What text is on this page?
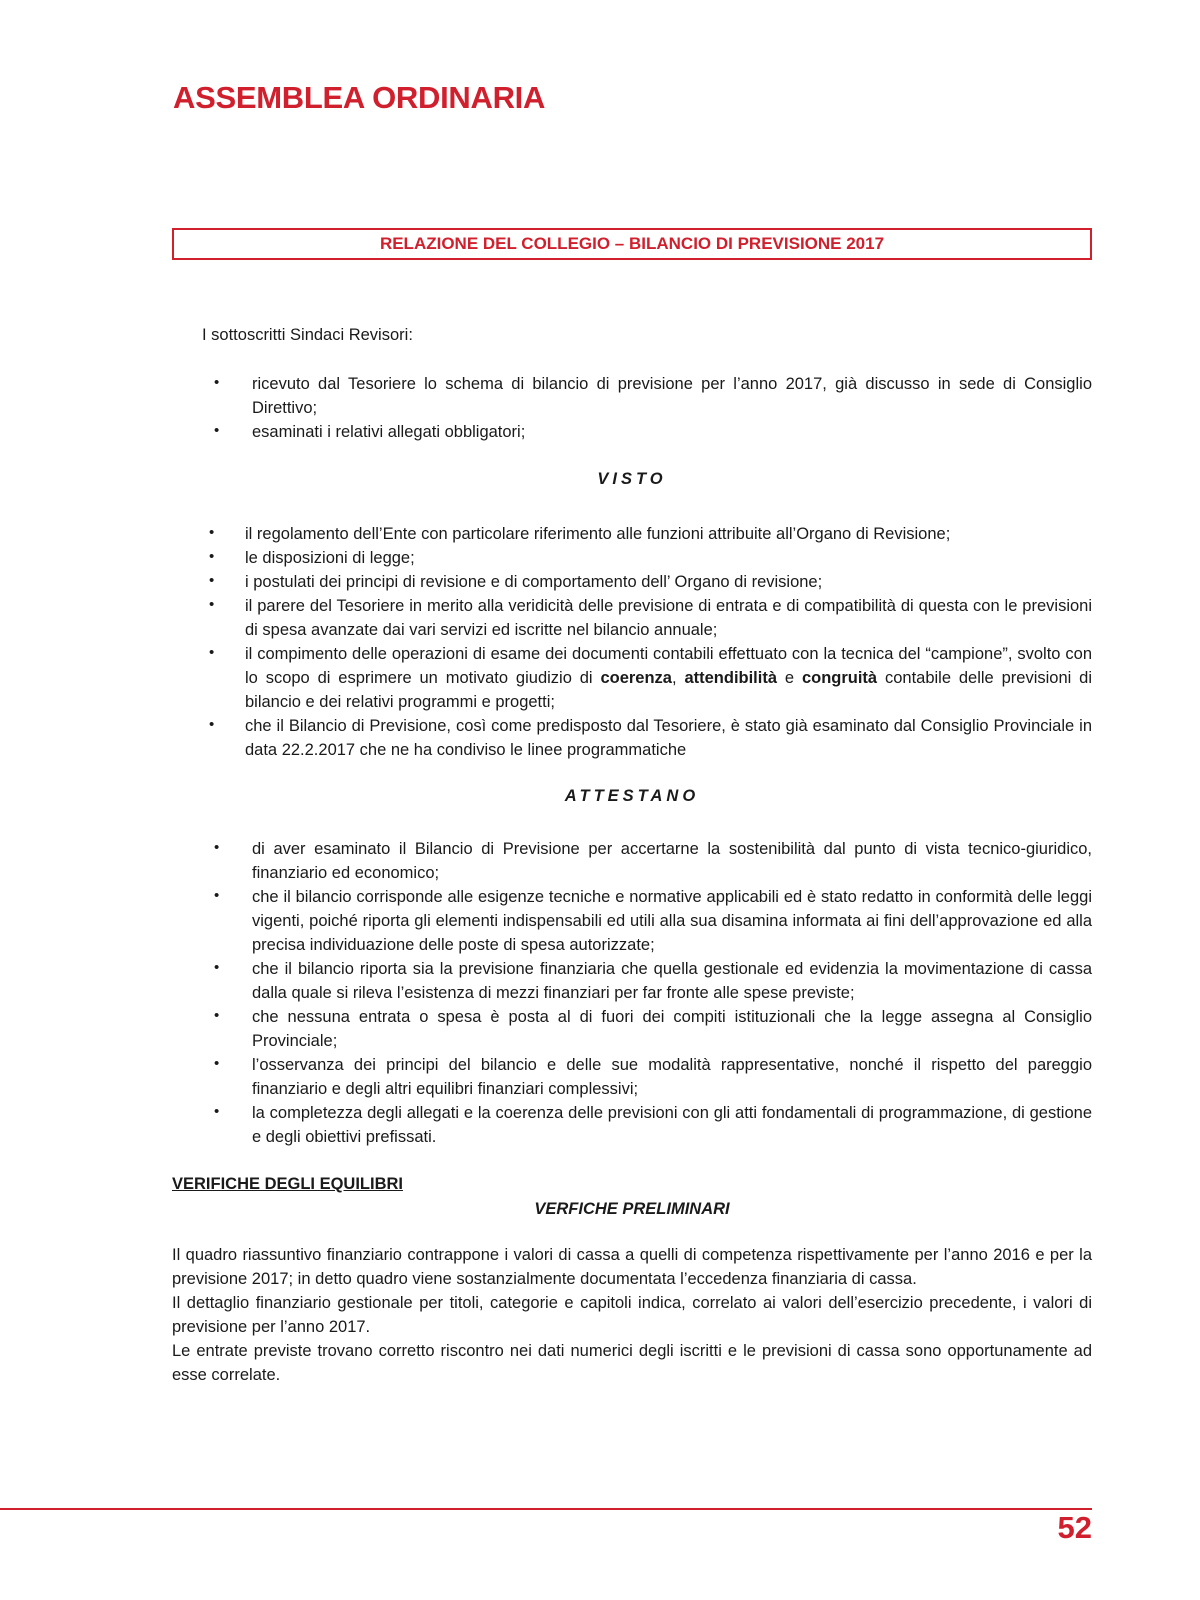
ASSEMBLEA ORDINARIA
RELAZIONE DEL COLLEGIO – BILANCIO DI PREVISIONE 2017

I sottoscritti Sindaci Revisori:

• ricevuto dal Tesoriere lo schema di bilancio di previsione per l’anno 2017, già discusso in sede di Consiglio Direttivo;
• esaminati i relativi allegati obbligatori;
VISTO
• il regolamento dell’Ente con particolare riferimento alle funzioni attribuite all’Organo di Revisione;
• le disposizioni di legge;
• i postulati dei principi di revisione e di comportamento dell’ Organo di revisione;
• il parere del Tesoriere in merito alla veridicità delle previsione di entrata e di compatibilità di questa con le previsioni di spesa avanzate dai vari servizi ed iscritte nel bilancio annuale;
• il compimento delle operazioni di esame dei documenti contabili effettuato con la tecnica del “campione”, svolto con lo scopo di esprimere un motivato giudizio di coerenza, attendibilità e congruità contabile delle previsioni di bilancio e dei relativi programmi e progetti;
• che il Bilancio di Previsione, così come predisposto dal Tesoriere, è stato già esaminato dal Consiglio Provinciale in data 22.2.2017 che ne ha condiviso le linee programmatiche
ATTESTANO
• di aver esaminato il Bilancio di Previsione per accertarne la sostenibilità dal punto di vista tecnico-giuridico, finanziario ed economico;
• che il bilancio corrisponde alle esigenze tecniche e normative applicabili ed è stato redatto in conformità delle leggi vigenti, poiché riporta gli elementi indispensabili ed utili alla sua disamina informata ai fini dell’approvazione ed alla precisa individuazione delle poste di spesa autorizzate;
• che il bilancio riporta sia la previsione finanziaria che quella gestionale ed evidenzia la movimentazione di cassa dalla quale si rileva l’esistenza di mezzi finanziari per far fronte alle spese previste;
• che nessuna entrata o spesa è posta al di fuori dei compiti istituzionali che la legge assegna al Consiglio Provinciale;
• l’osservanza dei principi del bilancio e delle sue modalità rappresentative, nonché il rispetto del pareggio finanziario e degli altri equilibri finanziari complessivi;
• la completezza degli allegati e la coerenza delle previsioni con gli atti fondamentali di programmazione, di gestione e degli obiettivi prefissati.
VERIFICHE DEGLI EQUILIBRI
VERFICHE PRELIMINARI

Il quadro riassuntivo finanziario contrappone i valori di cassa a quelli di competenza rispettivamente per l’anno 2016 e per la previsione 2017; in detto quadro viene sostanzialmente documentata l’eccedenza finanziaria di cassa.

Il dettaglio finanziario gestionale per titoli, categorie e capitoli indica, correlato ai valori dell’esercizio precedente, i valori di previsione per l’anno 2017.

Le entrate previste trovano corretto riscontro nei dati numerici degli iscritti e le previsioni di cassa sono opportunamente ad esse correlate.

52
